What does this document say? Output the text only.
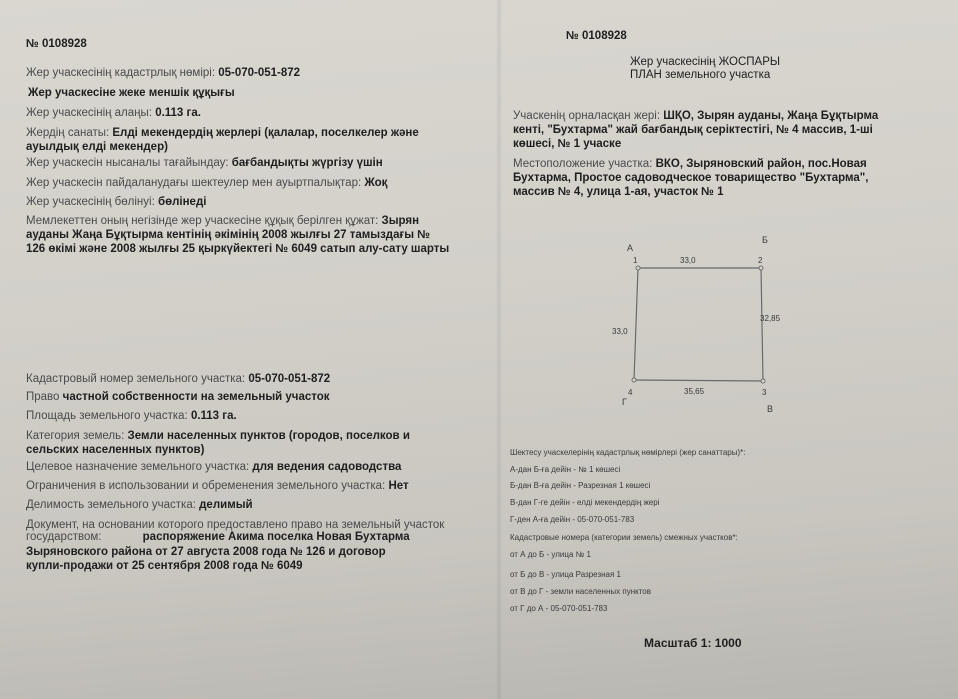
№ 0108928
Жер учаскесінің кадастрлық нөмірі: 05-070-051-872
Жер учаскесіне жеке меншік құқығы
Жер учаскесінің алаңы: 0.113 га.
Жердің санаты: Елді мекендердің жерлері (қалалар, поселкелер және
ауылдық елді мекендер)
Жер учаскесін нысаналы тағайындау: бағбандықты жүргізу үшін
Жер учаскесін пайдаланудағы шектеулер мен ауыртпалықтар: Жоқ
Жер учаскесінің бөлінуі: бөлінеді
Мемлекеттен оның негізінде жер учаскесіне құқық берілген құжат: Зырян
ауданы Жаңа Бұқтырма кентінің әкімінің 2008 жылғы 27 тамыздағы №
126 өкімі және 2008 жылғы 25 қыркүйектегі № 6049 сатып алу-сату шарты
Кадастровый номер земельного участка: 05-070-051-872
Право частной собственности на земельный участок
Площадь земельного участка: 0.113 га.
Категория земель: Земли населенных пунктов (городов, поселков и
сельских населенных пунктов)
Целевое назначение земельного участка: для ведения садоводства
Ограничения в использовании и обременения земельного участка: Нет
Делимость земельного участка: делимый
Документ, на основании которого предоставлено право на земельный участок
государством:	распоряжение Акима поселка Новая Бухтарма
Зыряновского района от 27 августа 2008 года № 126 и договор
купли-продажи от 25 сентября 2008 года № 6049
№ 0108928
Жер учаскесінің ЖОСПАРЫ
ПЛАН земельного участка
Учаскенің орналасқан жері: ШҚО, Зырян ауданы, Жаңа Бұқтырма
кенті, "Бухтарма" жай бағбандық серіктестігі, № 4 массив, 1-ші
көшесі, № 1 учаске
Местоположение участка: ВКО, Зыряновский район, пос.Новая
Бухтарма, Простое садоводческое товарищество "Бухтарма",
массив № 4, улица 1-ая, участок № 1
А
1
Б
2
В
3
Г
4
33,0
32,85
35,65
33,0
Шектесу учаскелерінің кадастрлық нөмірлері (жер санаттары)*:
А-дан Б-ға дейін - № 1 көшесі
Б-дан В-ға дейін - Разрезная 1 көшесі
В-дан Г-ге дейін - елді мекендердің жері
Г-ден А-ға дейін - 05-070-051-783
Кадастровые номера (категории земель) смежных участков*:
от А до Б - улица № 1
от Б до В - улица Разрезная 1
от В до Г - земли населенных пунктов
от Г до А - 05-070-051-783
Масштаб 1: 1000
